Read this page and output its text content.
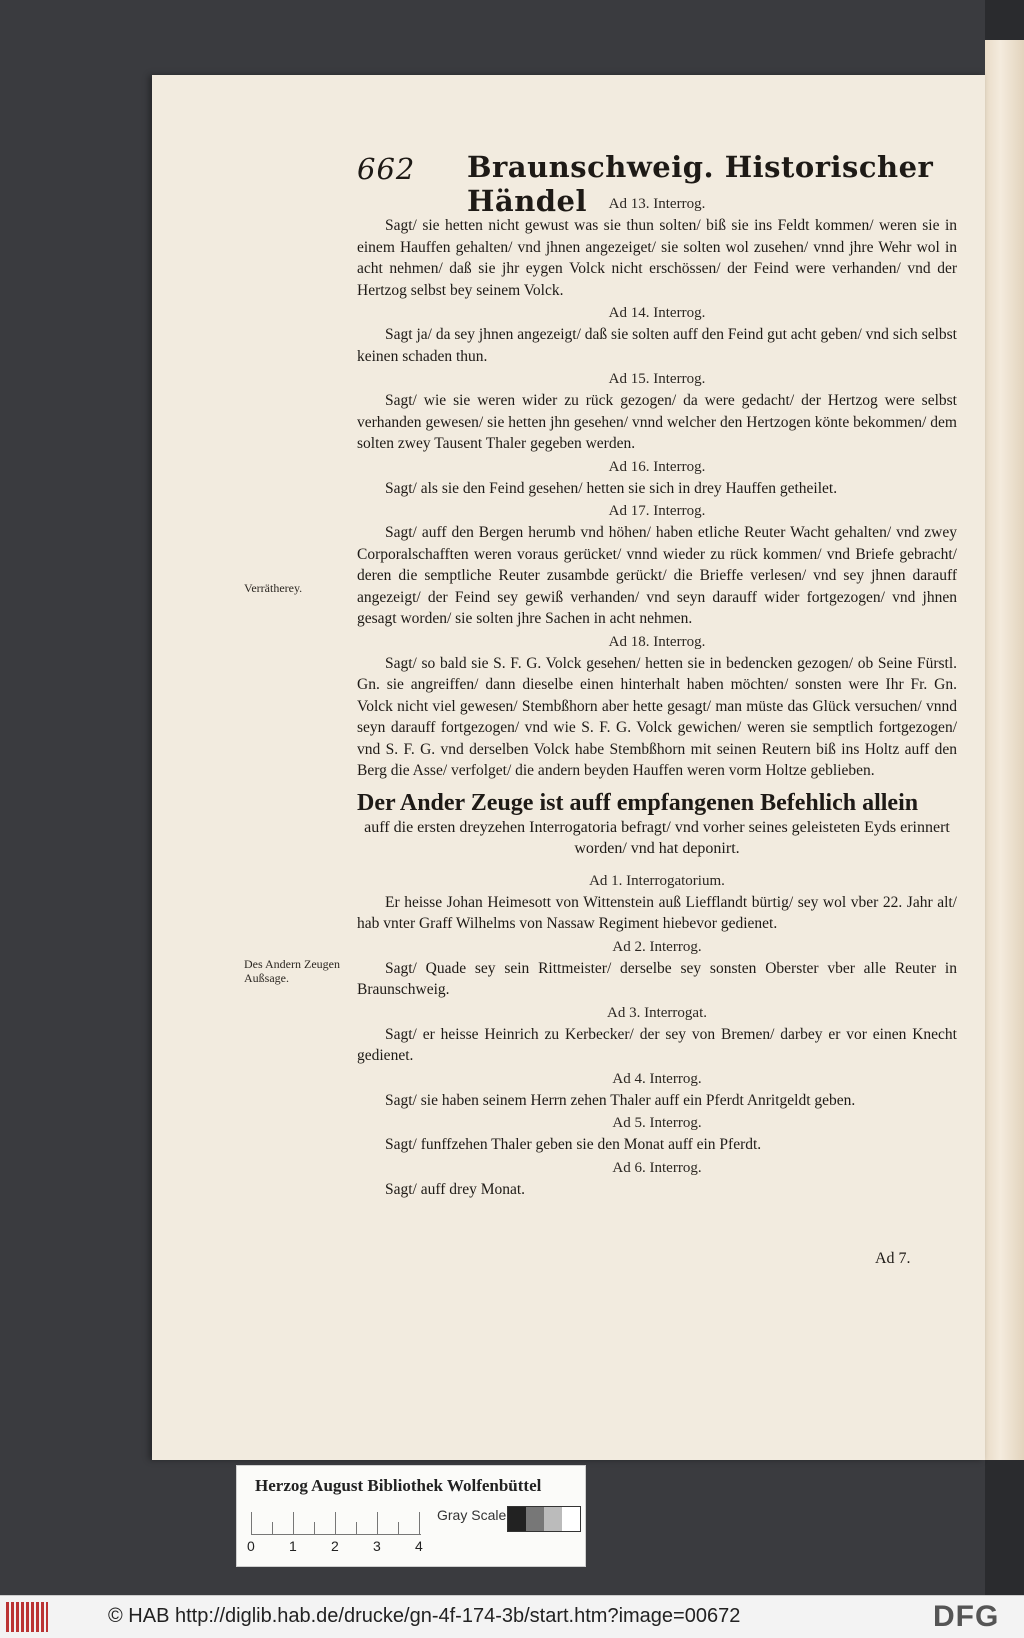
662 Braunschweig. Historischer Händel	Ad 13. Interrog.

Sagt/ sie hetten nicht gewust was sie thun solten/ biß sie ins Feldt kommen/ weren sie in einem Hauffen gehalten/ vnd jhnen angezeiget/ sie solten wol zusehen/ vnnd jhre Wehr wol in acht nehmen/ daß sie jhr eygen Volck nicht erschössen/ der Feind were verhanden/ vnd der Hertzog selbst bey seinem Volck.

Ad 14. Interrog.

Sagt ja/ da sey jhnen angezeigt/ daß sie solten auff den Feind gut acht geben/ vnd sich selbst keinen schaden thun.

Ad 15. Interrog.

Sagt/ wie sie weren wider zu rück gezogen/ da were gedacht/ der Hertzog were selbst verhanden gewesen/ sie hetten jhn gesehen/ vnnd welcher den Hertzogen könte bekommen/ dem solten zwey Tausent Thaler gegeben werden.

Ad 16. Interrog.

Sagt/ als sie den Feind gesehen/ hetten sie sich in drey Hauffen getheilet.

Ad 17. Interrog.

Sagt/ auff den Bergen herumb vnd höhen/ haben etliche Reuter Wacht gehalten/ vnd zwey Corporalschafften weren voraus gerücket/ vnnd wieder zu rück kommen/ vnd Briefe gebracht/ deren die semptliche Reuter zusambde gerückt/ die Brieffe verlesen/ vnd sey jhnen darauff angezeigt/ der Feind sey gewiß verhanden/ vnd seyn darauff wider fortgezogen/ vnd jhnen gesagt worden/ sie solten jhre Sachen in acht nehmen.

Ad 18. Interrog.

Sagt/ so bald sie S. F. G. Volck gesehen/ hetten sie in bedencken gezogen/ ob Seine Fürstl. Gn. sie angreiffen/ dann dieselbe einen hinterhalt haben möchten/ sonsten were Ihr Fr. Gn. Volck nicht viel gewesen/ Stembßhorn aber hette gesagt/ man müste das Glück versuchen/ vnnd seyn darauff fortgezogen/ vnd wie S. F. G. Volck gewichen/ weren sie semptlich fortgezogen/ vnd S. F. G. vnd derselben Volck habe Stembßhorn mit seinen Reutern biß ins Holtz auff den Berg die Asse/ verfolget/ die andern beyden Hauffen weren vorm Holtze geblieben.

Der Ander Zeuge ist auff empfangenen Befehlich allein
auff die ersten dreyzehen Interrogatoria befragt/ vnd vorher seines geleisteten Eyds erinnert worden/ vnd hat deponirt.
Ad 1. Interrogatorium.

Er heisse Johan Heimesott von Wittenstein auß Liefflandt bürtig/ sey wol vber 22. Jahr alt/ hab vnter Graff Wilhelms von Nassaw Regiment hiebevor gedienet.

Ad 2. Interrog.

Sagt/ Quade sey sein Rittmeister/ derselbe sey sonsten Oberster vber alle Reuter in Braunschweig.

Ad 3. Interrogat.

Sagt/ er heisse Heinrich zu Kerbecker/ der sey von Bremen/ darbey er vor einen Knecht gedienet.

Ad 4. Interrog.

Sagt/ sie haben seinem Herrn zehen Thaler auff ein Pferdt Anritgeldt geben.

Ad 5. Interrog.

Sagt/ funffzehen Thaler geben sie den Monat auff ein Pferdt.

Ad 6. Interrog.

Sagt/ auff drey Monat.

Verrätherey.
Des Andern Zeugen Außsage.
Ad 7.
Herzog August Bibliothek Wolfenbüttel
0 1 2 3 4
Gray Scale
© HAB http://diglib.hab.de/drucke/gn-4f-174-3b/start.htm?image=00672	DFG
